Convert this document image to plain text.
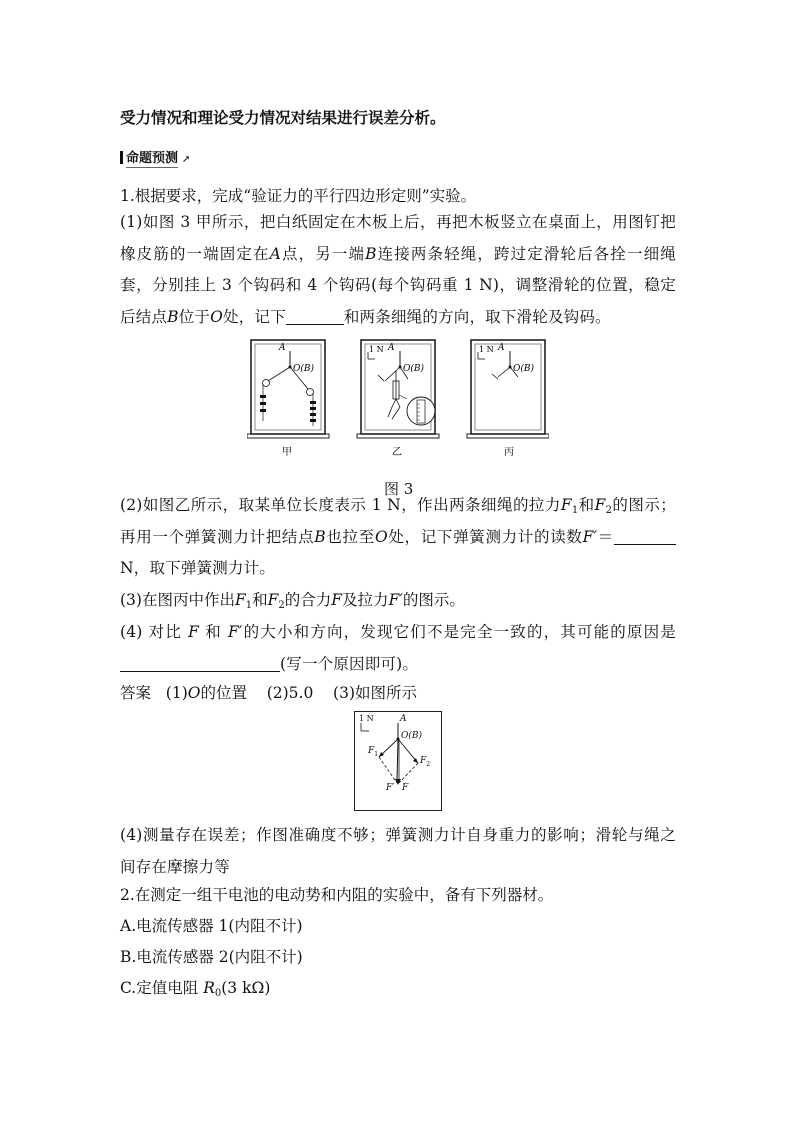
受力情况和理论受力情况对结果进行误差分析。

命题预测 ➚

1.根据要求，完成“验证力的平行四边形定则”实验。

(1)如图 3 甲所示，把白纸固定在木板上后，再把木板竖立在桌面上，用图钉把橡皮筋的一端固定在A点，另一端B连接两条轻绳，跨过定滑轮后各拴一细绳套，分别挂上 3 个钩码和 4 个钩码(每个钩码重 1 N)，调整滑轮的位置，稳定后结点B位于O处，记下	和两条细绳的方向，取下滑轮及钩码。

A
O(B)
甲
1 N A
O(B)
乙
1 N A
O(B)
丙

图 3

(2)如图乙所示，取某单位长度表示 1 N，作出两条细绳的拉力$F_1$和$F_2$的图示；再用一个弹簧测力计把结点B也拉至O处，记下弹簧测力计的读数F′＝N，取下弹簧测力计。

(3)在图丙中作出$F_1$和$F_2$的合力F及拉力F′的图示。

(4) 对比 F 和 F′的大小和方向，发现它们不是完全一致的，其可能的原因是(写一个原因即可)。

答案 (1)O的位置 (2)5.0 (3)如图所示

1 N	A
O(B)
$F_1$
$F_2$
F′ F

(4)测量存在误差；作图准确度不够；弹簧测力计自身重力的影响；滑轮与绳之间存在摩擦力等

2.在测定一组干电池的电动势和内阻的实验中，备有下列器材。

A.电流传感器 1(内阻不计)

B.电流传感器 2(内阻不计)

C.定值电阻 $R_0(3$ kΩ)
